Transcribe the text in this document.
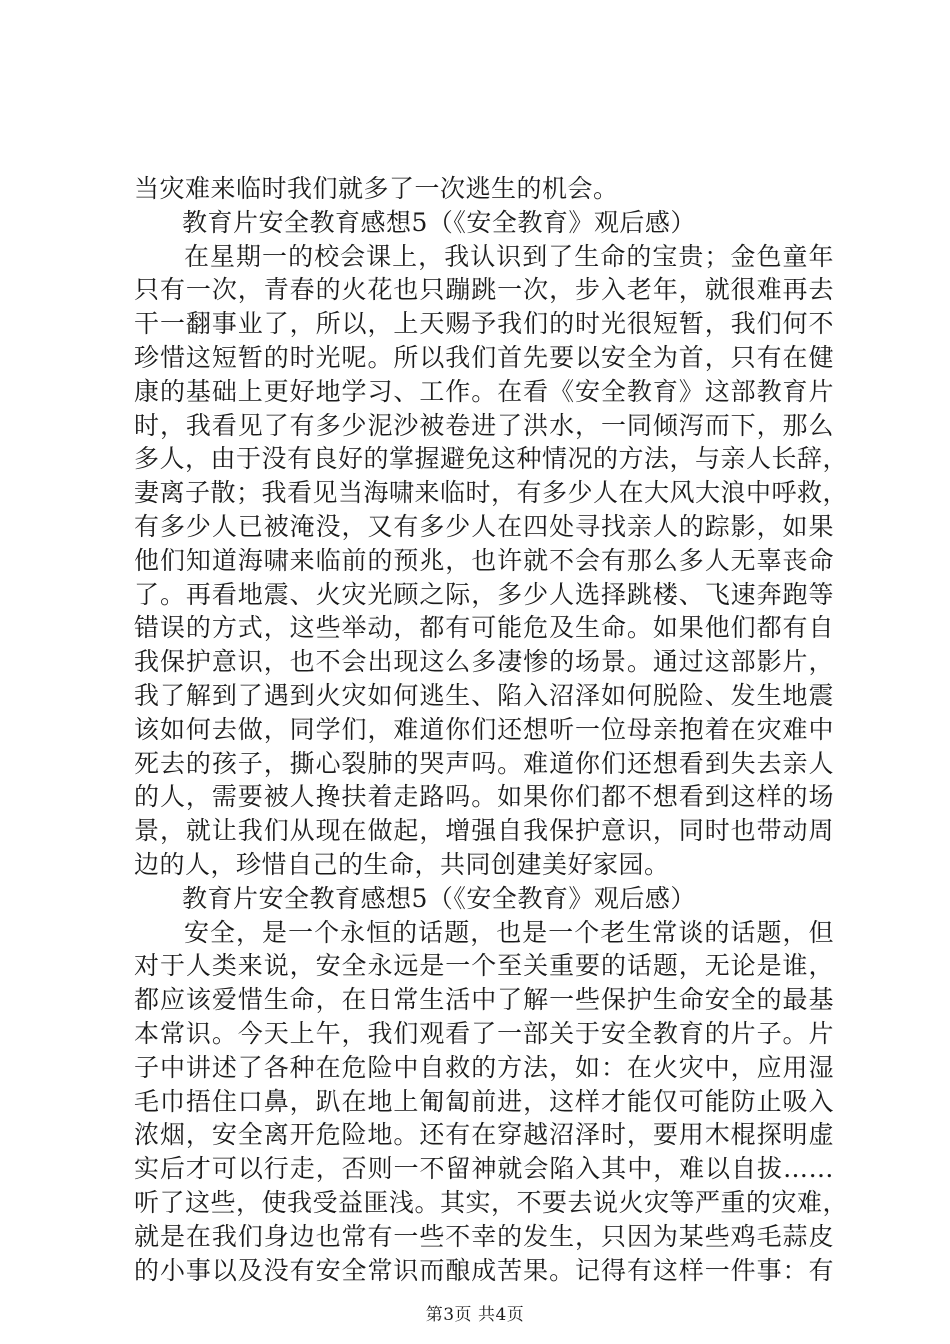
当灾难来临时我们就多了一次逃生的机会。
教育片安全教育感想5（《安全教育》观后感）
在星期一的校会课上，我认识到了生命的宝贵；金色童年
只有一次，青春的火花也只蹦跳一次，步入老年，就很难再去
干一翻事业了，所以，上天赐予我们的时光很短暂，我们何不
珍惜这短暂的时光呢。所以我们首先要以安全为首，只有在健
康的基础上更好地学习、工作。在看《安全教育》这部教育片
时，我看见了有多少泥沙被卷进了洪水，一同倾泻而下，那么
多人，由于没有良好的掌握避免这种情况的方法，与亲人长辞，
妻离子散；我看见当海啸来临时，有多少人在大风大浪中呼救，
有多少人已被淹没，又有多少人在四处寻找亲人的踪影，如果
他们知道海啸来临前的预兆，也许就不会有那么多人无辜丧命
了。再看地震、火灾光顾之际，多少人选择跳楼、飞速奔跑等
错误的方式，这些举动，都有可能危及生命。如果他们都有自
我保护意识，也不会出现这么多凄惨的场景。通过这部影片，
我了解到了遇到火灾如何逃生、陷入沼泽如何脱险、发生地震
该如何去做，同学们，难道你们还想听一位母亲抱着在灾难中
死去的孩子，撕心裂肺的哭声吗。难道你们还想看到失去亲人
的人，需要被人搀扶着走路吗。如果你们都不想看到这样的场
景，就让我们从现在做起，增强自我保护意识，同时也带动周
边的人，珍惜自己的生命，共同创建美好家园。
教育片安全教育感想5（《安全教育》观后感）
安全，是一个永恒的话题，也是一个老生常谈的话题，但
对于人类来说，安全永远是一个至关重要的话题，无论是谁，
都应该爱惜生命，在日常生活中了解一些保护生命安全的最基
本常识。今天上午，我们观看了一部关于安全教育的片子。片
子中讲述了各种在危险中自救的方法，如：在火灾中，应用湿
毛巾捂住口鼻，趴在地上匍匐前进，这样才能仅可能防止吸入
浓烟，安全离开危险地。还有在穿越沼泽时，要用木棍探明虚
实后才可以行走，否则一不留神就会陷入其中，难以自拔……
听了这些，使我受益匪浅。其实，不要去说火灾等严重的灾难，
就是在我们身边也常有一些不幸的发生，只因为某些鸡毛蒜皮
的小事以及没有安全常识而酿成苦果。记得有这样一件事：有
第3页 共4页
